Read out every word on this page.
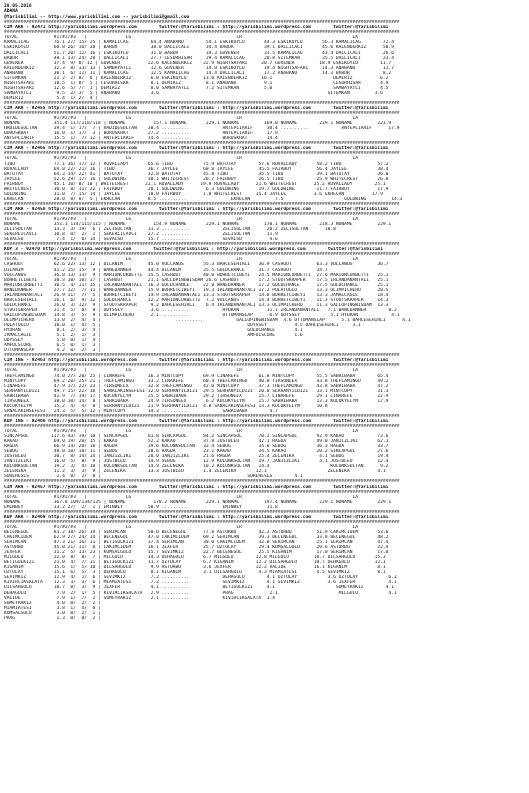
28.05.2016
ADANA
@Yarisbilimi -- http://www.yarisbilimi.com -- yarisbilimi@gmail.com
###############################################################################################################################################
CIM ARA - 92471 http://yarisbilimi.wordpress.com        twitter:@Yarisbilimi : http://yarisbilimi.wordpress.com        twitter:@Yarisbilimi
###############################################################################################################################################
TOTAL             #1/#2/#3   |              LG                                      LR                                        LA
KAMALICAG         76.1 27/ 15/ 25 | KAMALICAG        64.4 ANABANU        54.1 ESKIKOYLU       44.3 ESKIKOYLU       56.3 KAMALICAG        72.4
ESKIKOYLU         60.8 26/ 16/ 18 | BABUR            38.0 DALLICALI      34.4 BABUR           39.1 DALLICALI       45.6 KALENDERKIZ      50.9
DALLICALI         51.7 20/ 12/ 16 | ESKIKOYLU        31.0 BABUR          34.3 GUVENER         31.5 KAMALICAG       43.4 DALLICALI        26.6
BABUR             48.1 13/ 24/ 20 | DALLICALI        27.7 CESURHISAR     29.4 KAMALICAG       20.8 SITEMKAN        35.5 DALLICALI        23.4
GUVENER           37.4  9/ 8/ 12 | GUVENER          22.6 KALENDERKIZ    22.9 NIGHTSAFARI     20.7 GUVENER         18.9 ESKIKOYLU        11.7
KALENDERKIZ       32.3  8/ 13/ 13 | SAMBAYATLI       12.6 GUVENER        14.0 ESKIKOYLU       19.4 NIGHTSAFARI     14.3 ANABANU          11.7
ANABANU           30.1  6/ 12/ 11 | KAMALICAG        12.5 KAMALICAG      14.4 DALLICALI       17.2 ANABANU         14.3 BABUR            8.2
SITEMKAN          21.2  2/ 8/  8 | KALENDERKIZ       6.0 ESKIKOYLU      13.0 KALENDERKIZ     16.1                      DEMIRIZ          6.2
NIGHTSAFARI       18.5  1/ 8/  5 | CESURHISAR        0.1 DEMIRIZ         8.1 ANABANU          9.1                      CESURHISAR       4.9
NIGHTSAFARI       12.6  5/ 7/  1 | DEMIRIZ           0.0 SAMBAYATLI      7.2 SITEMKAN         5.0                      SAMBAYATLI       4.5
SAMBAYATLI         9.5  2/ 3/  5 | ANABANU           3.6                                                             SITEMKAN         3.6
DEMIRIZ            5.4  1/ 2/  4 |
###############################################################################################################################################
CIM ARA - 92455 http://yarisbilimi.wordpress.com        twitter:@Yarisbilimi : http://yarisbilimi.wordpress.com        twitter:@Yarisbilimi
###############################################################################################################################################
TOTAL             #1/#2/#3   |              LG                                      LR                                        LA
NONAME            351.4 117/118/118 | NONAME          157.1 NONAME       229.1 NONAME         169.0 NONAME        229.1 NONAME         221.9
HADIDESULTAN      39.4  1/ 17/  7 | HADIDESULTAN    30.4 ..........            ANTEPLIARIF     30.4 ..........            ANTEPLIARIF      17.9
BURUSKHAT         16.0  1/ 17/  3 | BURUSKHAT       27.2 ..........            ANTEPLIARIF     17.9
ANTEPLIARIF       15.5  1/  7/ 12 | ANTEPLIARIF     14.4 ..........            BURUSKHAT       14.4
###############################################################################################################################################
CIM ARA - 92465 http://yarisbilimi.wordpress.com        twitter:@Yarisbilimi : http://yarisbilimi.wordpress.com        twitter:@Yarisbilimi
###############################################################################################################################################
TOTAL             #1/#2/#3   |              LG                                      LR                                        LA
TIBO              77.1 36/ 17/ 12 | ROVALLADY       65.6 TIBO           75.9 BATUTAY        57.6 ROVALLADY       58.2 TIBO             57.2
ROVALLADY         69.0 22/ 21/ 16 | TIBO            36.7 JAYLEE         60.8 JAYLEE         45.5 FAIRBOY         56.4 JAYLEE           38.4
BATUTAY           64.3 14/ 22/ 41 | BATUTAY         32.8 BATUTAY        45.8 TIBO           35.5 TIBO            39.1 BATUTAY          36.0
JAYLEE            52.6 29/ 17/ 16 | GOLDWING        30.1 WHITECREST     20.7 FAIRBOY        26.5 TIBO            25.9 WHITECREST       26.0
FAIRBOY           45.1 10/ 8/ 10 | WHITECREST      22.1 ROVALLADY      19.9 ROVALLADY      21.6 WHITECREST      25.2 ROVALLADY        25.1
WHITECREST        30.0  8/ 11/ 22 | FAIRBOY         20.1 GOLDWING        6.3 GOLDWING       19.7 GOLDWING        11.7 FAIRBOY          17.9
GOLDWING          31.0  7/ 15/ 14 | JAYLEE          10.0 FAIRBOY        1.0 WHITECREST     15.4 JAYLEE          3.6 EKRECAN          17.9
EKRECAN           28.0  8/ 8/  5 | EKRECAN          8.5 ..........                EKRECAN         7.5                      GOLDWING         14.3
###############################################################################################################################################
CIM ARA - 92456 http://yarisbilimi.wordpress.com        twitter:@Yarisbilimi : http://yarisbilimi.wordpress.com        twitter:@Yarisbilimi
###############################################################################################################################################
TOTAL             #1/#2/#3   |              LG                                      LR                                        LA
NONAME            351.1 114/115/115 | NONAME          154.9 NONAME       229.1 NONAME         170.1 NONAME        218.3 NONAME         229.1
ZELISULTAN        13.3  3/ 19/  6 | ZELISULTAN      31.3 ..........            ZELISULTAN      20.2 ZELISULTAN      10.8
SEKERLICAVCI      10.8  0/  2/  1 | SEKERLICAVCI    27.2 ..........            ZELISULTAN      11.9
SEVALSU            7.4  1/  0/ 14 | SEVALSU         15.7 ..........            SEVALSU          4.6
###############################################################################################################################################
KUP 3 - 92470 http://yarisbilimi.wordpress.com        twitter:@Yarisbilimi : http://yarisbilimi.wordpress.com        twitter:@Yarisbilimi
###############################################################################################################################################
TOTAL             #1/#2/#3   |              LG                                      LR                                        LA
CASHOUT           62.6 22/ 13/ 12 | DILANIM         45.0 VULCANUS       55.3 BAHCESEHIRLI   36.9 CASHOUT         63.3 VULCANUS         36.7
DILANIM           41.2 15/ 15/  9 | WANEDANNER      44.4 DILANIM        35.5 GOLDCHANCE     31.7 CASHOUT         34.7
VULCANUS          36.0 13/ 13/  9 | MARIONCORBETTI  35.5 CASHOUT        40.0 BUHRETCIBEYI   24.5 MARIONCORBETTI  27.6 MARIONCORBETTI   25.1
BUHRETCIBEYI      30.3 10/ 10/ 17 | CASHOUT         21.1 GALLOPINGWISDAM 26.6 CASHOUT       17.2 STOOTSKRAPER    17.5 IRLANDANANTALI   25.1
MARIONCORBETTI    30.5  4/ 11/ 15 | IRLANDANANTALI  16.3 GOLDCHANCE     22.0 WANEDANNER     17.2 GOLDCHANCE      17.5 GOLDCHANCE       25.1
WANEDANNER        27.7 12/  7/ 11 | WANEDANNER      15.9 BUHRETCIBEYI   19.3 IRLANDANANTALI 17.2 POLATOGLU       13.3 OLIMPICHERO      20.5
IRLANDANANTALI    26.9 11/  7/  5 | BUHRETCIBEYI    14.9 IRLANDANANTALI 13.3 STOOTSKRAPER   14.8 BUHRETCIBEYI    13.3 JAMALCAGIL       18.4
BAHCESEHIRLI      26.1  6/  9/ 12 | GOLDCHANCE      12.2 MARIONCORBETTI  7.2 VULCANUS       14.4 BUHRETCIBEYI    11.3 STOOTSKRAPER     14.3
GOLDCHANCE        26.0  3/ 12/  9 | STOOTSKRAPER     9.2 BAHCESEHIRLI    6.4 IRLANDANANTALI 13.3 OLIMPICHERO     11.3 GALLOPINGWISDAM  13.3
STOOTSKRAPER      21.4  5/  8/  8 | ODYSSEY          3.6 ..........            HYDRAN          11.1 IRLANDANANTALI   7.1 WANEDANNER        8.2
GALLOPINGWISDAM   14.8  3/  5/  9 | OLIMPICHERO      2.1 ..........            OTTOMANSLAP      6.9 ODYSSEY           5.1 HYDRAN            4.1
OLIMPICHERO       13.0  2/  4/  4 |                           ..........            GALLOPINGWISDAM  4.6 OTTOMANSLAP      5.1 BAHCESEHIRLI      4.1
POLATOGLU         10.0  1/  4/  5 |                                                     ODYSSEY          4.5 BAHCESEHIRLI     3.1
HYDRAN             8.1  2/  3/  4 |                                                     GOLDCHANCE       4.1
JAMALCAGIL         5.1  2/  1/  3 |                                                     AMFULSCORE       1.6
ODYSSEY            5.0  0/  1/  4 |
AMFULSCORE         6.5  0/  1/  3 |
OTTOMANSLAP        4.2  0/  2/  3 |
###############################################################################################################################################
CIM ING - 92463 http://yarisbilimi.wordpress.com        twitter:@Yarisbilimi : http://yarisbilimi.wordpress.com        twitter:@Yarisbilimi
###############################################################################################################################################
TOTAL             #1/#2/#3   |              LG                                      LR                                        LA
THEFLAMINGO       74.0 27/ 20/ 25 | CINAREFE        36.3 MINTCOPY       69.9 CINAREFE       61.8 MINTCOPY        55.5 SABRIBABA        65.4
MINTCOPY          69.2 20/ 25/ 21 | THEFLAMINGO     33.2 CINAREFE       60.4 THEFLAMINGO    40.0 TIRSONEEX       43.8 THEFLAMINGO      49.2
CINAREFE          47.9 17/ 22/ 23 | TIRSONEEX       32.8 THEFLAMINGO    42.0 MINTCOPY       37.3 THEFLAMINGO     43.8 SABRIBABA        47.2
SERHANYILDIZI     49.7 15/ 22/ 18 | SANALAKINSEFESI 32.0 SERHANYILDIZI  29.5 SERHANYILDIZI  20.0 SERHANYILDIZI   33.1 MINTCOPY         31.3
SABRIBABA         41.9  7/ 19/ 17 | KUCUKYELYM      25.5 SABRIBABA      29.2 TIRSONEEX      15.7 CINAREFE        29.1 CINAREFE         22.9
TIRSONEEX         38.0 10/ 14/  8 | SABRIBABA       24.9 TIRSONEEX       6.2 KUCUKYELYM     15.7 SABRIBABA       13.3 KUCUKYELYM       17.9
KUCUKYELYM        15.2  4/  4/  8 | SERHANYILDIZI   21.9 SERHANYILDIZI  4.8 SANALAKINSEFESI 13.3 KUCUKYELYM      10.8
SANALAKINSEFESI   24.3  5/  5/ 12 | MINTCOPY        14.3 ..........            SABRIBABA        4.7
###############################################################################################################################################
KUP ING - 92466 http://yarisbilimi.wordpress.com        twitter:@Yarisbilimi : http://yarisbilimi.wordpress.com        twitter:@Yarisbilimi
###############################################################################################################################################
TOTAL             #1/#2/#3   |              LG                                      LR                                        LA
SINCAPGUL        117.6 43/ 19/ 10 | SINCAPGUL       61.8 SINCAPGUL      84.2 SINCAPGUL      70.2 SINCAPGUL       92.9 KAKAO            73.6
KAKAO             69.0 19/ 20/ 15 | KAKAO           52.2 KAKAO          37.8 JUSTBLEU       42.1 RAGDA           49.0 JANJIZLIKI       62.1
RAGDA             66.9 14/ 20/ 18 | RAGDA           39.6 KULUNKSULTAN   32.4 SEBOG          34.8 SEBOG           36.3 RAGDA            33.7
SEBOG             48.0 18/ 18/ 11 | SEBOG           28.6 RAGDA          23.1 KAKAO          34.5 KAKAO           20.2 SINCAPGUL        27.6
JUSTBLEU          30.7  8/ 14/ 14 | JANJIZLIKI      20.0 JANJIZLIKI     21.6 RAGDA          25.4 ZELENIKA         4.1 SEBOG            19.4
JANJIZLIKI        16.0  5/  8/  9 | JUSTBLEU        14.9 SEBOG          12.9 KULUNKSULTAN   19.7 JANJIZLIKI       4.1 JUSTBLEU         12.4
KULUNKSULTAN      19.2  3/  4/ 10 | KULUNKSULTAN    14.9 ZELENIKA       10.2 KULUNKSULTAN   14.4                      KULUNKSULTAN      9.2
ZELENIKA          11.2  3/  3/  9 | ZELENIKA        13.3 JUSTBLEU       1.4 ZELENIKA       12.1                      ZELENIKA          4.1
SOREHESLS          1.4  0/  2/  0 |                                                     SOREHESLS        4.1
###############################################################################################################################################
CIM ARA - 92457 http://yarisbilimi.wordpress.com        twitter:@Yarisbilimi : http://yarisbilimi.wordpress.com        twitter:@Yarisbilimi
###############################################################################################################################################
TOTAL             #1/#2/#3   |              LG                                      LR                                        LA
NONAME            367.8 109/134/135 | NONAME          178.2 NONAME       229.1 NONAME         197.4 NONAME        229.1 NONAME         229.1
EMINBEY           33.2 27/  2/  1 | EMINBEY         50.9 ..........            EMINBEY         31.8
###############################################################################################################################################
KUP ARA - 92469 http://yarisbilimi.wordpress.com        twitter:@Yarisbilimi : http://yarisbilimi.wordpress.com        twitter:@Yarisbilimi
###############################################################################################################################################
TOTAL             #1/#2/#3   |              LG                                      LR                                        LA
BECENEGUL         83.2 38/ 26/ 19 | SERIMCAN        50.0 BECENEGUL      77.8 ASTURBO        42.2 ASTURBO         51.9 CAKIMCIDEM       53.6
CAKIMCIDEM        62.9 27/ 24/ 14 | BECENEGUL       47.0 CAKIMCIDEM     69.2 SERIMCAN       39.3 BECENEGUL       33.8 BECENEGUL        48.2
SERIMCAN          47.3 21/ 16/ 11 | BETIGULKIZI     37.4 SERIMCAN       30.0 CAKIMCIDEM     32.0 SERIMCAN        25.1 SERIMCAN         47.4
ASTURBO           45.0 21/ 11/  8 | CAKIMCIDEM      16.1 JEXFER         25.7 OZTULAY        29.4 KUMSALGULU      20.6 ASTURBO          22.4
JEXFER            31.2  5/ 13/ 23 | KUMSALGULU      15.7 SEVIMKIZ       22.7 BECENEGUL      25.5 KIGANIM         17.0 SERIMCAN         17.0
MILGULU           22.0  8/  8/  7 | MILGULU         14.3 DEHAGULU       6.7 MILGULU        12.8 MILGULU         10.7 DILSAHGULU       15.3
BETIGULKIZI       21.0  4/  7/ 11 | BETIGULKIZI     11.7 OZTULAY        6.7 KIGANIM        12.2 DILSAHGULU      10.7 DEHAGULU         12.1
KIGANIM           15.6  1/  5/ 10 | DILSAHGULU       9.9 ASTURBO        3.6 JEXFER         12.2 VALIDE          16.1 KIGANIM           8.1
OZTULAY           15.1  6/  5/  3 | DEHAGULU         8.1 KIGANIM        3.1 DILSAHGULU      4.3 MIAMIATESI       4.5 SEVIMKIZ          8.1
SEVIMKIZ          12.9  4/  1/  6 | SEVIMKIZ         7.2 ..........            DEHAGULU        4.1 OZTULAY           3.6 OZTULAY           6.2
KIVIRCIKSALATA    12.3  3/  3/  6 | MIAMIATESI       7.2 ..........            SEVIMKIZ        4.1 SEVIMKIZ          3.6 JEXFER            4.1
DILSAHGULU        10.7  0/  3/  9 | JEXFER           4.1 ..........            BETIGULKIZI     4.1                      SUMEYRAKIZ        4.1
DEHAGULU           7.9  2/  1/  5 | KIVIRCIKSALATA   2.9 ..........            PRAG             2.1                      MILGULU           4.1
VALIDE             7.9  1/  7/  2 | SUMEYRAKIZ       2.1 ..........            KIVIRCIKSALATA  1.4
SUMEYRAKIZ         4.0  0/  2/  2 |
MIAMIATESI         3.8  1/  4/  0 |
KUMSALGULU         3.0  0/  2/  1 |
PRAG               1.3  0/  0/  2 |
